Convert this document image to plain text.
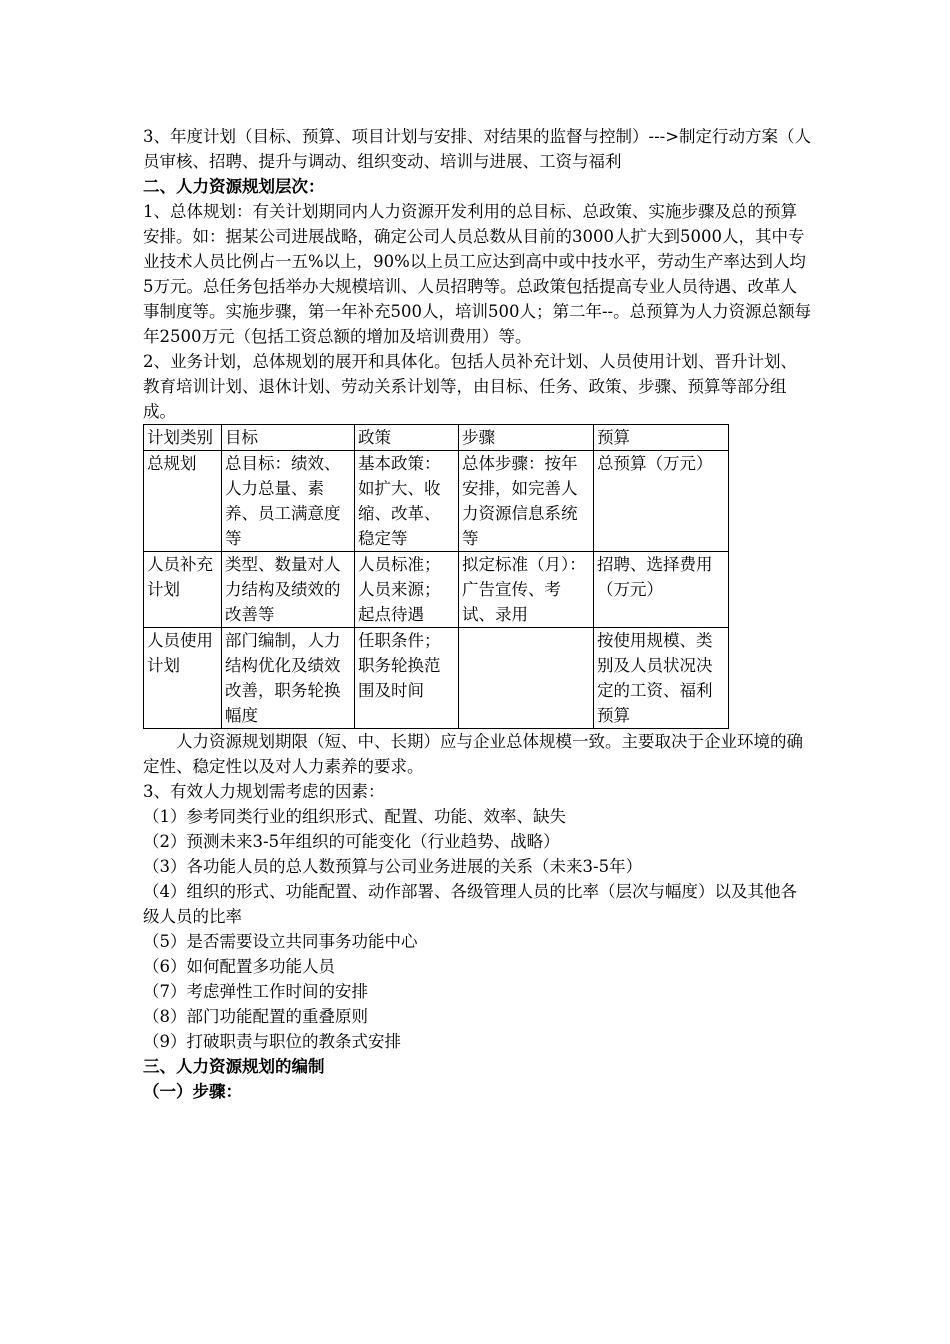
3、年度计划（目标、预算、项目计划与安排、对结果的监督与控制）--->制定行动方案（人员审核、招聘、提升与调动、组织变动、培训与进展、工资与福利

二、人力资源规划层次：

1、总体规划：有关计划期同内人力资源开发利用的总目标、总政策、实施步骤及总的预算安排。如：据某公司进展战略，确定公司人员总数从目前的3000人扩大到5000人，其中专业技术人员比例占一五%以上，90%以上员工应达到高中或中技水平，劳动生产率达到人均5万元。总任务包括举办大规模培训、人员招聘等。总政策包括提高专业人员待遇、改革人事制度等。实施步骤，第一年补充500人，培训500人；第二年--。总预算为人力资源总额每年2500万元（包括工资总额的增加及培训费用）等。

2、业务计划，总体规划的展开和具体化。包括人员补充计划、人员使用计划、晋升计划、教育培训计划、退休计划、劳动关系计划等，由目标、任务、政策、步骤、预算等部分组成。

计划类别	目标	政策	步骤	预算
总规划	总目标：绩效、人力总量、素养、员工满意度等	基本政策：如扩大、收缩、改革、稳定等	总体步骤：按年安排，如完善人力资源信息系统等	总预算（万元）
人员补充计划	类型、数量对人力结构及绩效的改善等	人员标准；人员来源；起点待遇	拟定标准（月）：广告宣传、考试、录用	招聘、选择费用（万元）
人员使用计划	部门编制，人力结构优化及绩效改善，职务轮换幅度	任职条件；职务轮换范围及时间		按使用规模、类别及人员状况决定的工资、福利预算

人力资源规划期限（短、中、长期）应与企业总体规模一致。主要取决于企业环境的确定性、稳定性以及对人力素养的要求。

3、有效人力规划需考虑的因素：

（1）参考同类行业的组织形式、配置、功能、效率、缺失

（2）预测未来3-5年组织的可能变化（行业趋势、战略）

（3）各功能人员的总人数预算与公司业务进展的关系（未来3-5年）

（4）组织的形式、功能配置、动作部署、各级管理人员的比率（层次与幅度）以及其他各级人员的比率

（5）是否需要设立共同事务功能中心

（6）如何配置多功能人员

（7）考虑弹性工作时间的安排

（8）部门功能配置的重叠原则

（9）打破职责与职位的教条式安排

三、人力资源规划的编制

（一）步骤：
